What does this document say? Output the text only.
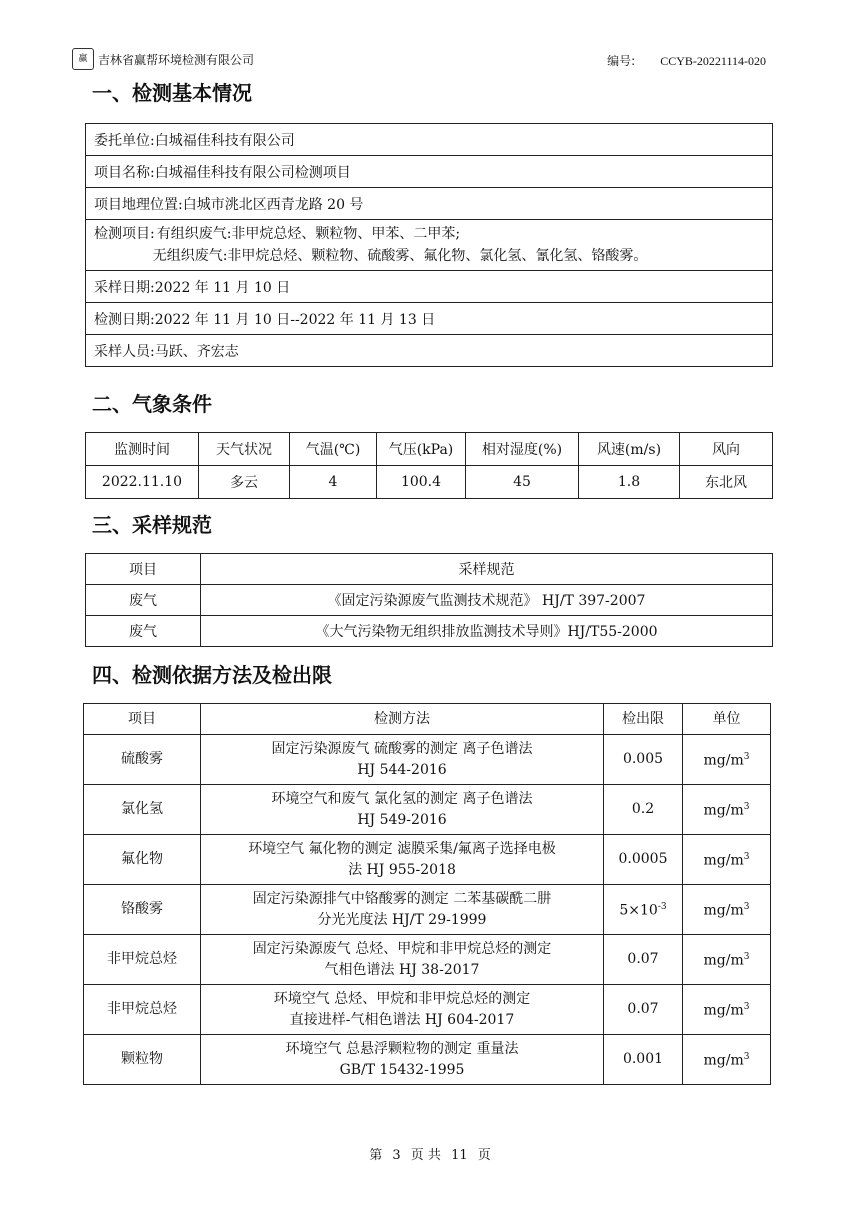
赢 吉林省赢帮环境检测有限公司	编号: CCYB-20221114-020
一、检测基本情况
委托单位:白城福佳科技有限公司
项目名称:白城福佳科技有限公司检测项目
项目地理位置:白城市洮北区西青龙路 20 号

检测项目: 有组织废气:非甲烷总烃、颗粒物、甲苯、二甲苯;
无组织废气:非甲烷总烃、颗粒物、硫酸雾、氟化物、氯化氢、氰化氢、铬酸雾。

采样日期:2022 年 11 月 10 日
检测日期:2022 年 11 月 10 日--2022 年 11 月 13 日
采样人员:马跃、齐宏志
二、气象条件
监测时间	天气状况	气温(℃)	气压(kPa)	相对湿度(%)	风速(m/s)	风向
2022.11.10	多云	4	100.4	45	1.8	东北风
三、采样规范
项目	采样规范
废气	《固定污染源废气监测技术规范》 HJ/T 397-2007
废气	《大气污染物无组织排放监测技术导则》HJ/T55-2000
四、检测依据方法及检出限
项目	检测方法	检出限	单位
硫酸雾	固定污染源废气 硫酸雾的测定 离子色谱法
HJ 544-2016	0.005	$mg/m^3$
氯化氢	环境空气和废气 氯化氢的测定 离子色谱法
HJ 549-2016	0.2	$mg/m^3$
氟化物	环境空气 氟化物的测定 滤膜采集/氟离子选择电极
法 HJ 955-2018	0.0005	$mg/m^3$
铬酸雾	固定污染源排气中铬酸雾的测定 二苯基碳酰二肼
分光光度法 HJ/T 29-1999	$5\times 10^{-3}$	$mg/m^3$
非甲烷总烃	固定污染源废气 总烃、甲烷和非甲烷总烃的测定
气相色谱法 HJ 38-2017	0.07	$mg/m^3$
非甲烷总烃	环境空气 总烃、甲烷和非甲烷总烃的测定
直接进样-气相色谱法 HJ 604-2017	0.07	$mg/m^3$
颗粒物	环境空气 总悬浮颗粒物的测定 重量法
GB/T 15432-1995	0.001	$mg/m^3$
第 3 页 共 11 页
